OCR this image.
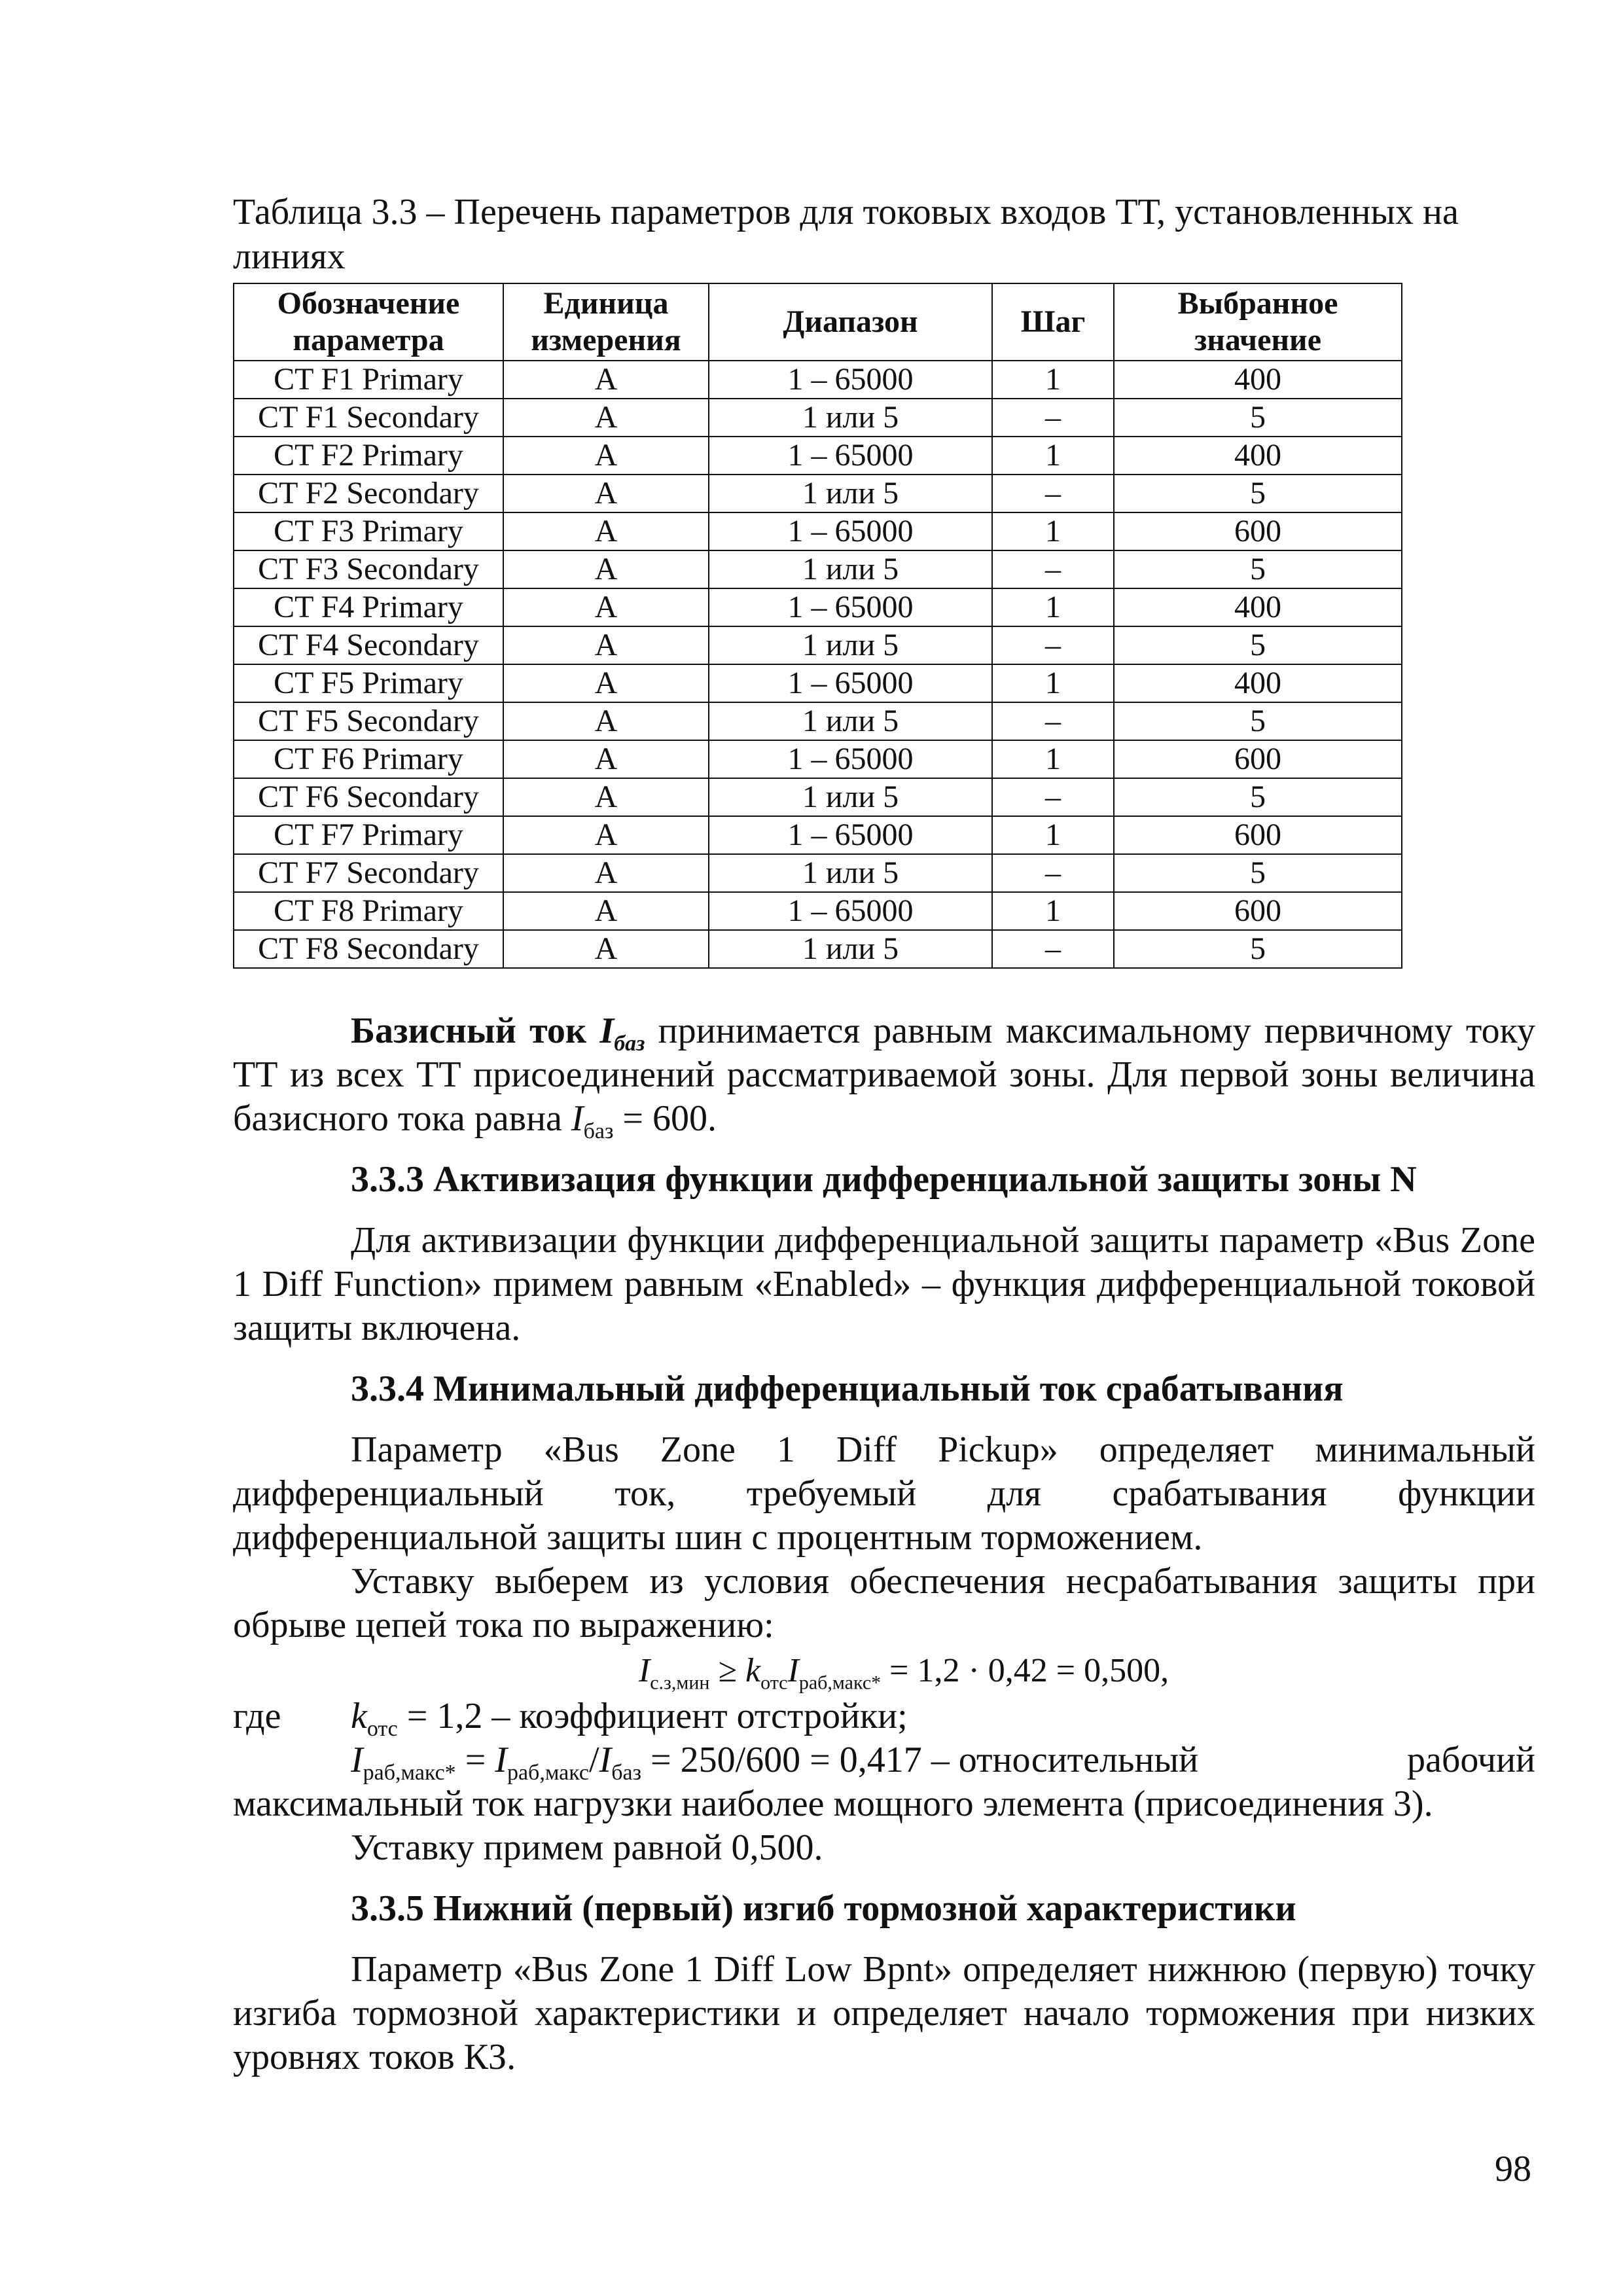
Таблица 3.3 – Перечень параметров для токовых входов ТТ, установленных на линиях

Обозначение параметра	Единица измерения	Диапазон	Шаг	Выбранное значение
CT F1 Primary	A	1 – 65000	1	400
CT F1 Secondary	A	1 или 5	–	5
CT F2 Primary	A	1 – 65000	1	400
CT F2 Secondary	A	1 или 5	–	5
CT F3 Primary	A	1 – 65000	1	600
CT F3 Secondary	A	1 или 5	–	5
CT F4 Primary	A	1 – 65000	1	400
CT F4 Secondary	A	1 или 5	–	5
CT F5 Primary	A	1 – 65000	1	400
CT F5 Secondary	A	1 или 5	–	5
CT F6 Primary	A	1 – 65000	1	600
CT F6 Secondary	A	1 или 5	–	5
CT F7 Primary	A	1 – 65000	1	600
CT F7 Secondary	A	1 или 5	–	5
CT F8 Primary	A	1 – 65000	1	600
CT F8 Secondary	A	1 или 5	–	5

Базисный ток $I_{баз}$ принимается равным максимальному первичному току ТТ из всех ТТ присоединений рассматриваемой зоны. Для первой зоны величина базисного тока равна $I_{баз} = 600$.

3.3.3 Активизация функции дифференциальной защиты зоны N

Для активизации функции дифференциальной защиты параметр «Bus Zone 1 Diff Function» примем равным «Enabled» – функция дифференциальной токовой защиты включена.

3.3.4 Минимальный дифференциальный ток срабатывания

Параметр «Bus Zone 1 Diff Pickup» определяет минимальный дифференциальный ток, требуемый для срабатывания функции дифференциальной защиты шин с процентным торможением.

Уставку выберем из условия обеспечения несрабатывания защиты при обрыве цепей тока по выражению:

$I_{с.з,мин} \ge k_{отс}I_{раб,макс*} = 1,2 \cdot 0,42 = 0,500$,

где	$k_{отс} = 1,2$ – коэффициент отстройки;

$I_{раб,макс*} = I_{раб,макс}/I_{баз} = 250/600 = 0,417$ – относительный	рабочий

максимальный ток нагрузки наиболее мощного элемента (присоединения 3).

Уставку примем равной 0,500.

3.3.5 Нижний (первый) изгиб тормозной характеристики

Параметр «Bus Zone 1 Diff Low Bpnt» определяет нижнюю (первую) точку изгиба тормозной характеристики и определяет начало торможения при низких уровнях токов КЗ.

98
